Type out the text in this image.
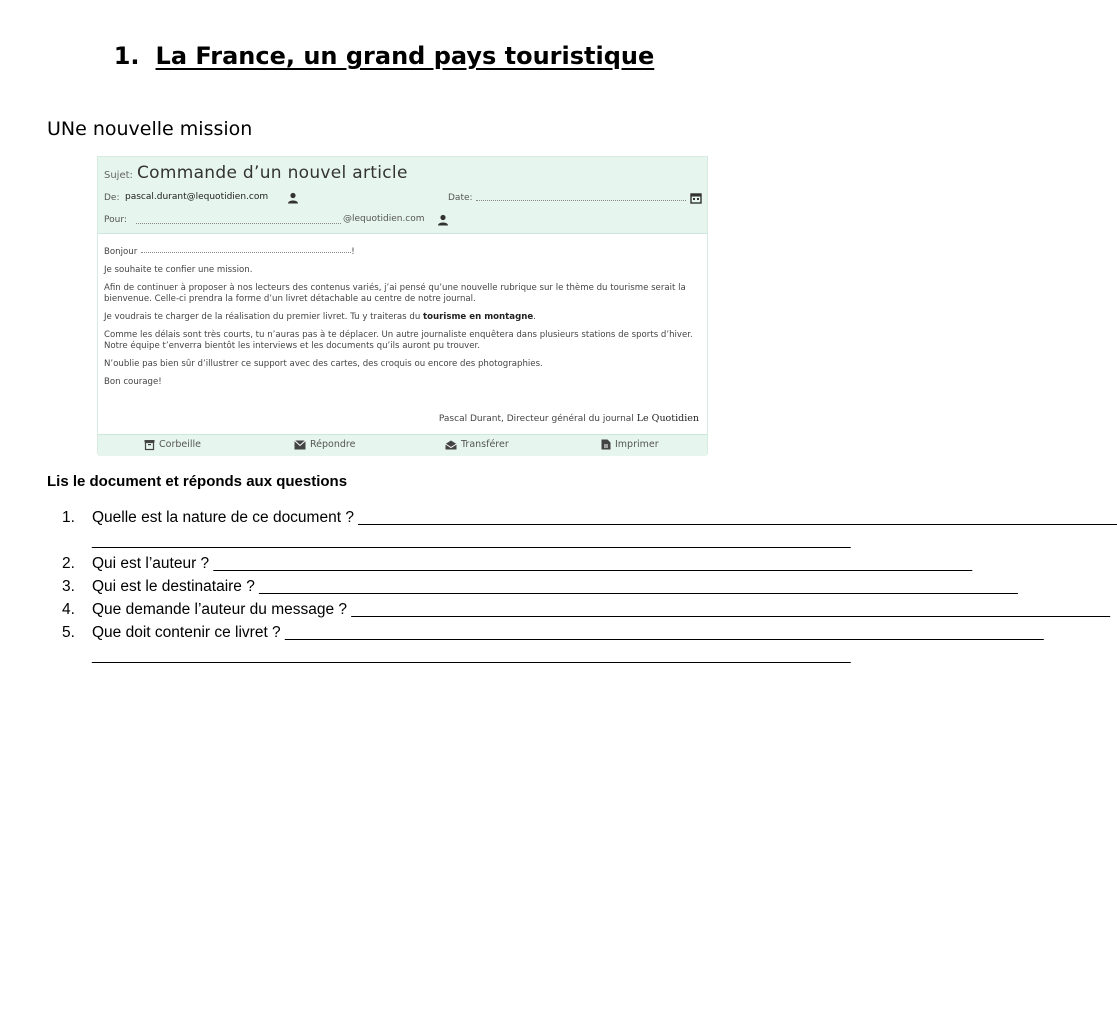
1. La France, un grand pays touristique
UNe nouvelle mission
Sujet: Commande d’un nouvel article
De: pascal.durant@lequotidien.com	Date:
Pour:	@lequotidien.com

Bonjour	!

Je souhaite te confier une mission.

Afin de continuer à proposer à nos lecteurs des contenus variés, j’ai pensé qu’une nouvelle rubrique sur le thème du tourisme serait la bienvenue. Celle-ci prendra la forme d’un livret détachable au centre de notre journal.

Je voudrais te charger de la réalisation du premier livret. Tu y traiteras du tourisme en montagne.

Comme les délais sont très courts, tu n’auras pas à te déplacer. Un autre journaliste enquêtera dans plusieurs stations de sports d’hiver. Notre équipe t’enverra bientôt les interviews et les documents qu’ils auront pu trouver.

N’oublie pas bien sûr d’illustrer ce support avec des cartes, des croquis ou encore des photographies.

Bon courage!

Pascal Durant, Directeur général du journal Le Quotidien
Corbeille	Répondre	Transférer	Imprimer
Lis le document et réponds aux questions
1.	Quelle est la nature de ce document ? ________________________________________________________________________________________
________________________________________________________________________________________
2.	Qui est l’auteur ? ________________________________________________________________________________________
3.	Qui est le destinataire ? ________________________________________________________________________________________
4.	Que demande l’auteur du message ? ________________________________________________________________________________________
5.	Que doit contenir ce livret ? ________________________________________________________________________________________
________________________________________________________________________________________
